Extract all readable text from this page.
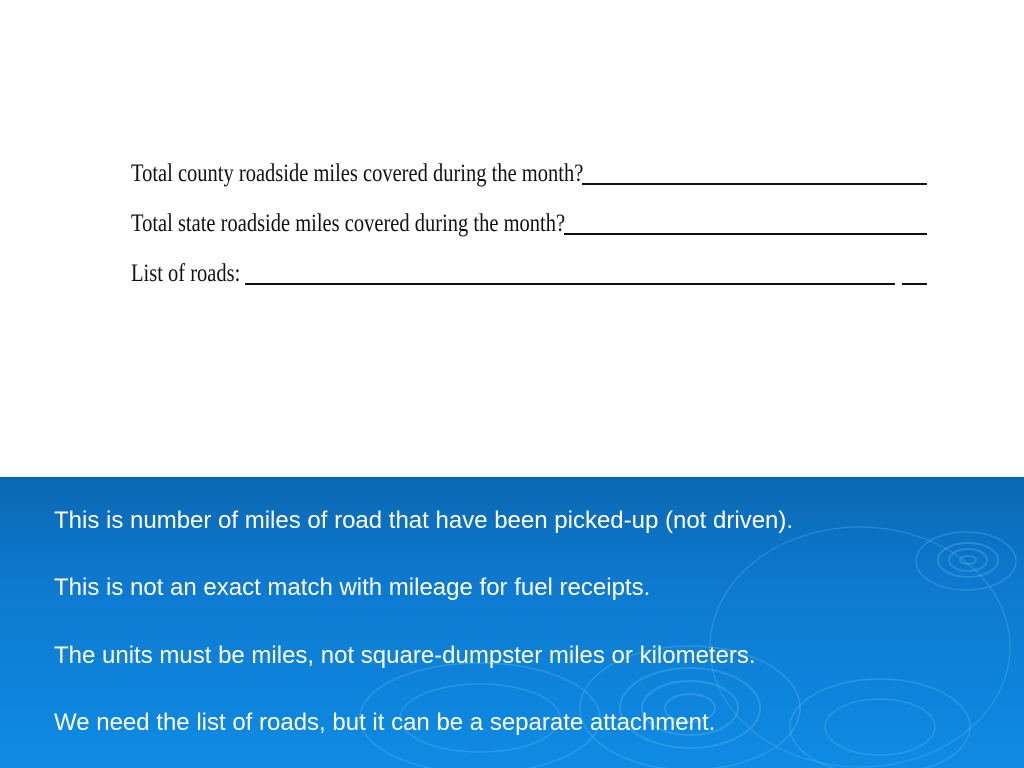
Total county roadside miles covered during the month?
Total state roadside miles covered during the month?
List of roads:
This is number of miles of road that have been picked-up (not driven).
This is not an exact match with mileage for fuel receipts.
The units must be miles, not square-dumpster miles or kilometers.
We need the list of roads, but it can be a separate attachment.
